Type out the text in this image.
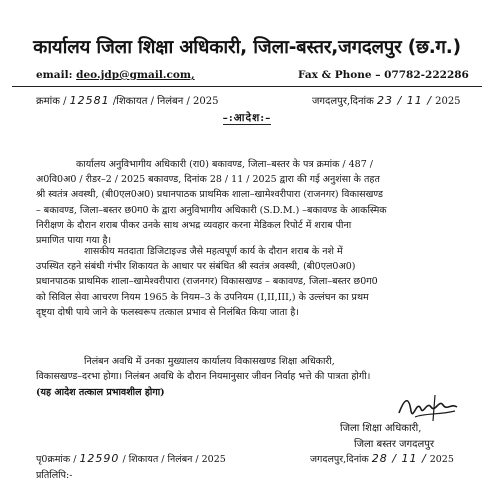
कार्यालय जिला शिक्षा अधिकारी, जिला-बस्तर,जगदलपुर (छ.ग.)
email: deo.jdp@gmail.com,	Fax & Phone – 07782-222286
क्रमांक / 12581 /शिकायत / निलंबन / 2025	जगदलपुर,दिनांक 23 / 11 / 2025
–:आदेश:–
कार्यालय अनुविभागीय अधिकारी (रा0) बकावण्ड, जिला–बस्तर के पत्र क्रमांक / 487 /
अ0वि0अ0 / रीडर–2 / 2025 बकावण्ड, दिनांक 28 / 11 / 2025 द्वारा की गई अनुशंसा के तहत
श्री स्वतंत्र अवस्थी, (बी0एल0अ0) प्रधानपाठक प्राथमिक शाला–खामेश्वरीपारा (राजनगर) विकासखण्ड
– बकावण्ड, जिला–बस्तर छ0ग0 के द्वारा अनुविभागीय अधिकारी (S.D.M.) –बकावण्ड के आकस्मिक
निरीक्षण के दौरान शराब पीकर उनके साथ अभद्र व्यवहार करना मेडिकल रिपोर्ट में शराब पीना
प्रमाणित पाया गया है।
शासकीय मतदाता डिजिटाइज्ड जैसे महत्वपूर्ण कार्य के दौरान शराब के नशे में
उपस्थित रहने संबंधी गंभीर शिकायत के आधार पर संबंधित श्री स्वतंत्र अवस्थी, (बी0एल0अ0)
प्रधानपाठक प्राथमिक शाला–खामेश्वरीपारा (राजनगर) विकासखण्ड – बकावण्ड, जिला–बस्तर छ0ग0
को सिविल सेवा आचरण नियम 1965 के नियम–3 के उपनियम (I,II,III,) के उल्लंघन का प्रथम
दृष्ट्या दोषी पाये जाने के फलस्वरूप तत्काल प्रभाव से निलंबित किया जाता है।
निलंबन अवधि में उनका मुख्यालय कार्यालय विकासखण्ड शिक्षा अधिकारी,
विकासखण्ड–दरभा होगा। निलंबन अवधि के दौरान नियमानुसार जीवन निर्वाह भत्ते की पात्रता होगी।
(यह आदेश तत्काल प्रभावशील होगा)
जिला शिक्षा अधिकारी,
जिला बस्तर जगदलपुर
पृ0क्रमांक / 12590 / शिकायत / निलंबन / 2025	जगदलपुर,दिनांक 28 / 11 / 2025
प्रतिलिपि:-
